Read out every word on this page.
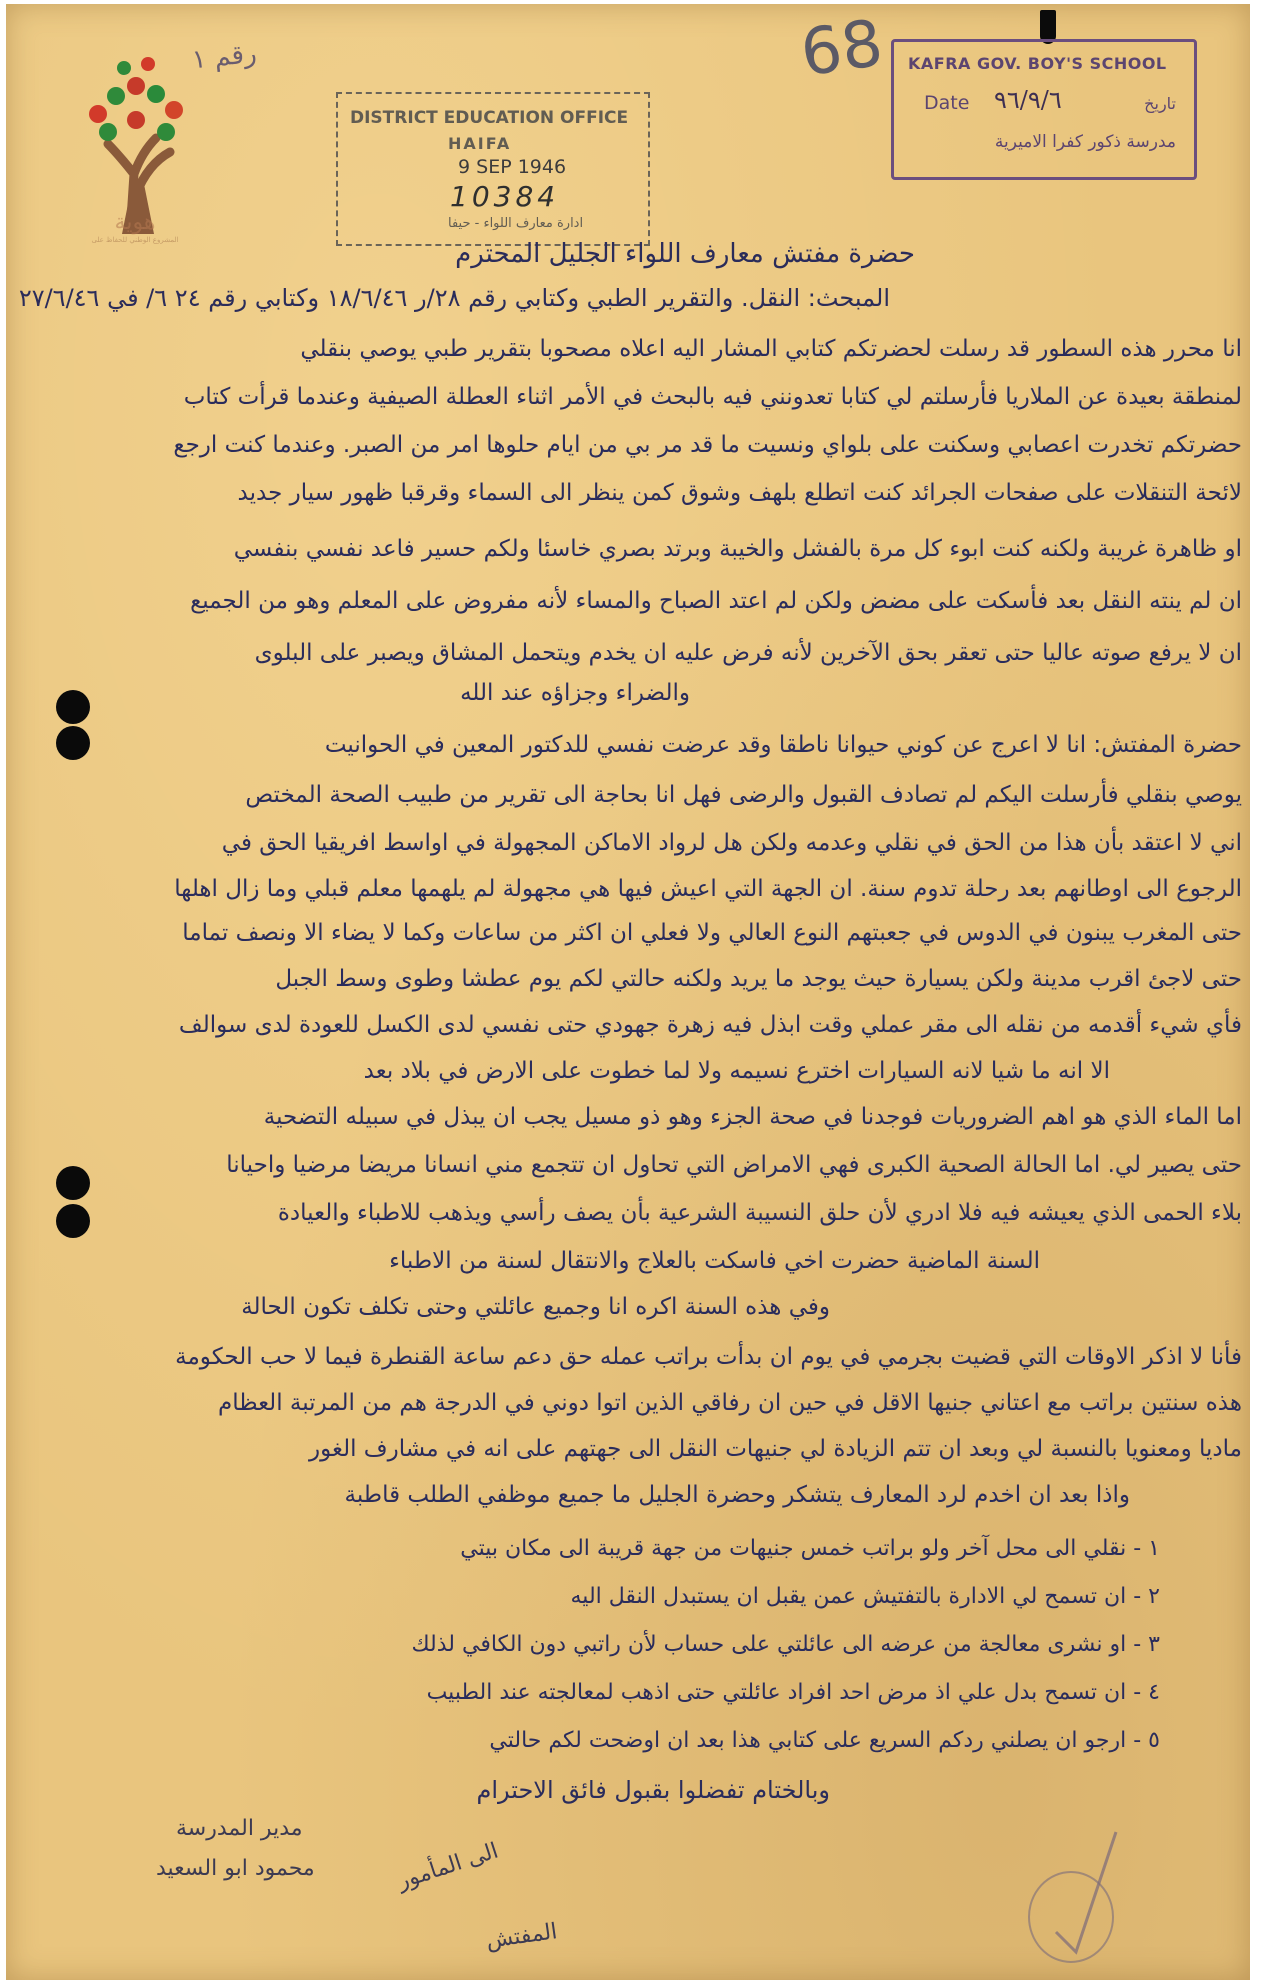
68
هوية
المشروع الوطني للحفاظ على
رقم ١	KAFRA GOV. BOY'S SCHOOL
Date ٩٦/٩/٦	تاريخ
مدرسة ذكور كفرا الاميرية
DISTRICT EDUCATION OFFICE
HAIFA
9 SEP 1946
10384
ادارة معارف اللواء - حيفا
حضرة مفتش معارف اللواء الجليل المحترم
المبحث: النقل. والتقرير الطبي وكتابي رقم ٢٨/ر ١٨/٦/٤٦ وكتابي رقم ٢٤ ٦/ في ٢٧/٦/٤٦
انا محرر هذه السطور قد رسلت لحضرتكم كتابي المشار اليه اعلاه مصحوبا بتقرير طبي يوصي بنقلي
لمنطقة بعيدة عن الملاريا فأرسلتم لي كتابا تعدونني فيه بالبحث في الأمر اثناء العطلة الصيفية وعندما قرأت كتاب
حضرتكم تخدرت اعصابي وسكنت على بلواي ونسيت ما قد مر بي من ايام حلوها امر من الصبر. وعندما كنت ارجع
لائحة التنقلات على صفحات الجرائد كنت اتطلع بلهف وشوق كمن ينظر الى السماء وقرقبا ظهور سيار جديد
او ظاهرة غريبة ولكنه كنت ابوء كل مرة بالفشل والخيبة وبرتد بصري خاسئا ولكم حسير فاعد نفسي بنفسي
ان لم ينته النقل بعد فأسكت على مضض ولكن لم اعتد الصباح والمساء لأنه مفروض على المعلم وهو من الجميع
ان لا يرفع صوته عاليا حتى تعقر بحق الآخرين لأنه فرض عليه ان يخدم ويتحمل المشاق ويصبر على البلوى
والضراء وجزاؤه عند الله
حضرة المفتش: انا لا اعرج عن كوني حيوانا ناطقا وقد عرضت نفسي للدكتور المعين في الحوانيت
يوصي بنقلي فأرسلت اليكم لم تصادف القبول والرضى فهل انا بحاجة الى تقرير من طبيب الصحة المختص
اني لا اعتقد بأن هذا من الحق في نقلي وعدمه ولكن هل لرواد الاماكن المجهولة في اواسط افريقيا الحق في
الرجوع الى اوطانهم بعد رحلة تدوم سنة. ان الجهة التي اعيش فيها هي مجهولة لم يلهمها معلم قبلي وما زال اهلها
حتى المغرب يبنون في الدوس في جعبتهم النوع العالي ولا فعلي ان اكثر من ساعات وكما لا يضاء الا ونصف تماما
حتى لاجئ اقرب مدينة ولكن يسيارة حيث يوجد ما يريد ولكنه حالتي لكم يوم عطشا وطوى وسط الجبل
فأي شيء أقدمه من نقله الى مقر عملي وقت ابذل فيه زهرة جهودي حتى نفسي لدى الكسل للعودة لدى سوالف
الا انه ما شيا لانه السيارات اخترع نسيمه ولا لما خطوت على الارض في بلاد بعد
اما الماء الذي هو اهم الضروريات فوجدنا في صحة الجزء وهو ذو مسيل يجب ان يبذل في سبيله التضحية
حتى يصير لي. اما الحالة الصحية الكبرى فهي الامراض التي تحاول ان تتجمع مني انسانا مريضا مرضيا واحيانا
بلاء الحمى الذي يعيشه فيه فلا ادري لأن حلق النسيبة الشرعية بأن يصف رأسي ويذهب للاطباء والعيادة
السنة الماضية حضرت اخي فاسكت بالعلاج والانتقال لسنة من الاطباء
وفي هذه السنة اكره انا وجميع عائلتي وحتى تكلف تكون الحالة
فأنا لا اذكر الاوقات التي قضيت بجرمي في يوم ان بدأت براتب عمله حق دعم ساعة القنطرة فيما لا حب الحكومة
هذه سنتين براتب مع اعتاني جنيها الاقل في حين ان رفاقي الذين اتوا دوني في الدرجة هم من المرتبة العظام
ماديا ومعنويا بالنسبة لي وبعد ان تتم الزيادة لي جنيهات النقل الى جهتهم على انه في مشارف الغور
واذا بعد ان اخدم لرد المعارف يتشكر وحضرة الجليل ما جميع موظفي الطلب قاطبة
١ - نقلي الى محل آخر ولو براتب خمس جنيهات من جهة قريبة الى مكان بيتي
٢ - ان تسمح لي الادارة بالتفتيش عمن يقبل ان يستبدل النقل اليه
٣ - او نشرى معالجة من عرضه الى عائلتي على حساب لأن راتبي دون الكافي لذلك
٤ - ان تسمح بدل علي اذ مرض احد افراد عائلتي حتى اذهب لمعالجته عند الطبيب
٥ - ارجو ان يصلني ردكم السريع على كتابي هذا بعد ان اوضحت لكم حالتي
وبالختام تفضلوا بقبول فائق الاحترام
مدير المدرسة
محمود ابو السعيد	الى المأمور
المفتش
